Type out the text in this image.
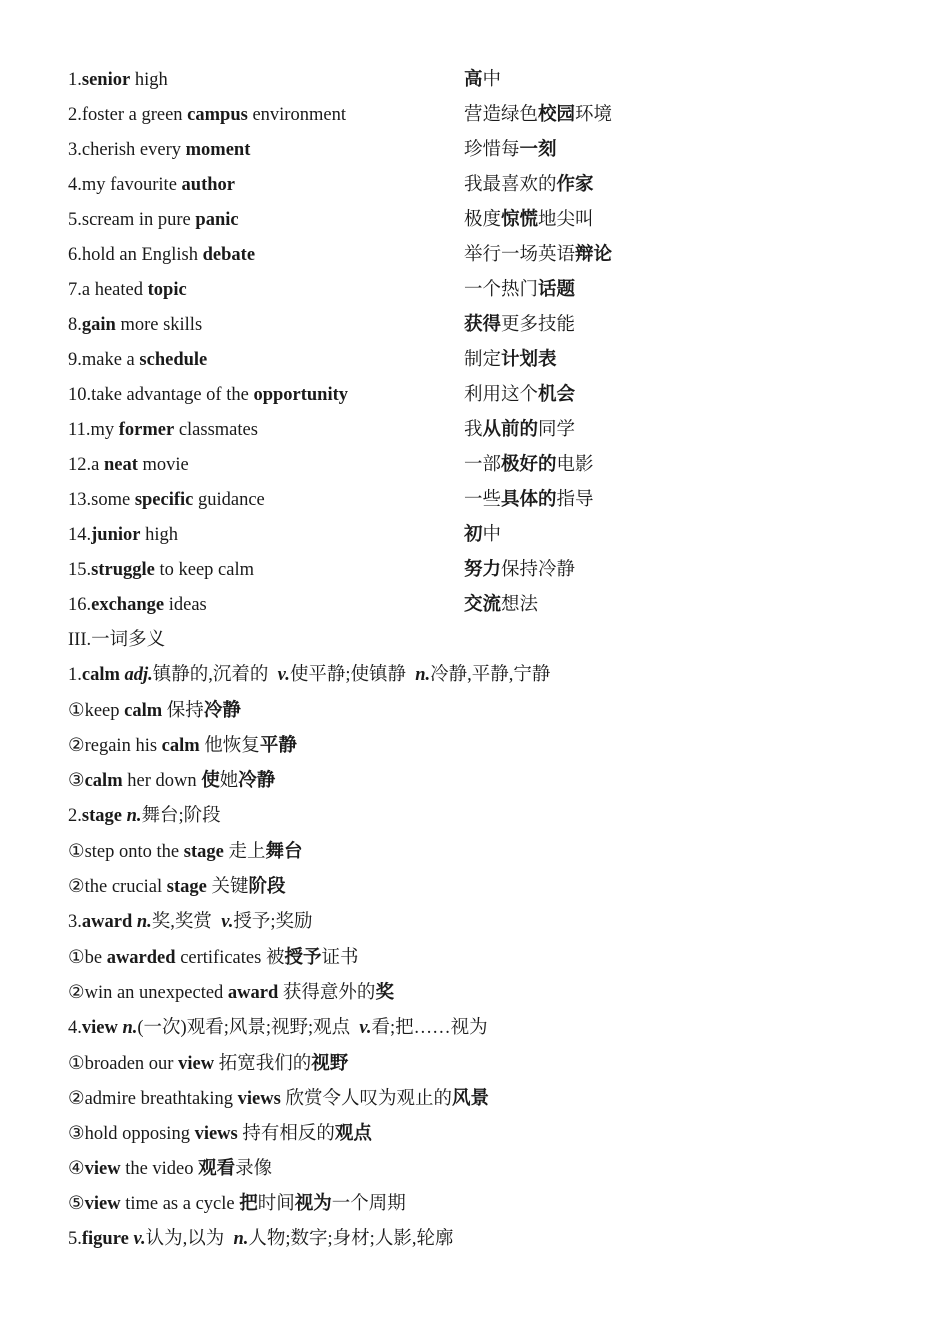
1.senior high	高中
2.foster a green campus environment	营造绿色校园环境
3.cherish every moment	珍惜每一刻
4.my favourite author	我最喜欢的作家
5.scream in pure panic	极度惊慌地尖叫
6.hold an English debate	举行一场英语辩论
7.a heated topic	一个热门话题
8.gain more skills	获得更多技能
9.make a schedule	制定计划表
10.take advantage of the opportunity	利用这个机会
11.my former classmates	我从前的同学
12.a neat movie	一部极好的电影
13.some specific guidance	一些具体的指导
14.junior high	初中
15.struggle to keep calm	努力保持冷静
16.exchange ideas	交流想法
III.一词多义
1.calm adj.镇静的,沉着的 v.使平静;使镇静 n.冷静,平静,宁静
①keep calm 保持冷静
②regain his calm 他恢复平静
③calm her down 使她冷静
2.stage n.舞台;阶段
①step onto the stage 走上舞台
②the crucial stage 关键阶段
3.award n.奖,奖赏 v.授予;奖励
①be awarded certificates 被授予证书
②win an unexpected award 获得意外的奖
4.view n.(一次)观看;风景;视野;观点 v.看;把……视为
①broaden our view 拓宽我们的视野
②admire breathtaking views 欣赏令人叹为观止的风景
③hold opposing views 持有相反的观点
④view the video 观看录像
⑤view time as a cycle 把时间视为一个周期
5.figure v.认为,以为 n.人物;数字;身材;人影,轮廓
